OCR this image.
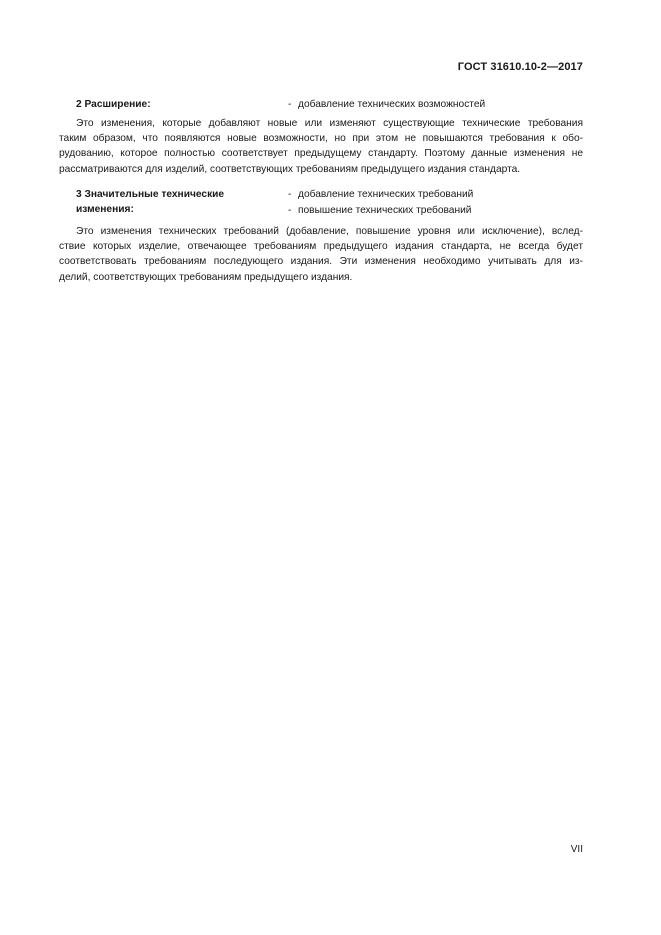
ГОСТ 31610.10-2—2017
2 Расширение:	- добавление технических возможностей

Это изменения, которые добавляют новые или изменяют существующие технические требования
таким образом, что появляются новые возможности, но при этом не повышаются требования к обо-
рудованию, которое полностью соответствует предыдущему стандарту. Поэтому данные изменения не
рассматриваются для изделий, соответствующих требованиям предыдущего издания стандарта.

3 Значительные технические
изменения:
- добавление технических требований
- повышение технических требований

Это изменения технических требований (добавление, повышение уровня или исключение), вслед-
ствие которых изделие, отвечающее требованиям предыдущего издания стандарта, не всегда будет
соответствовать требованиям последующего издания. Эти изменения необходимо учитывать для из-
делий, соответствующих требованиям предыдущего издания.

VII
